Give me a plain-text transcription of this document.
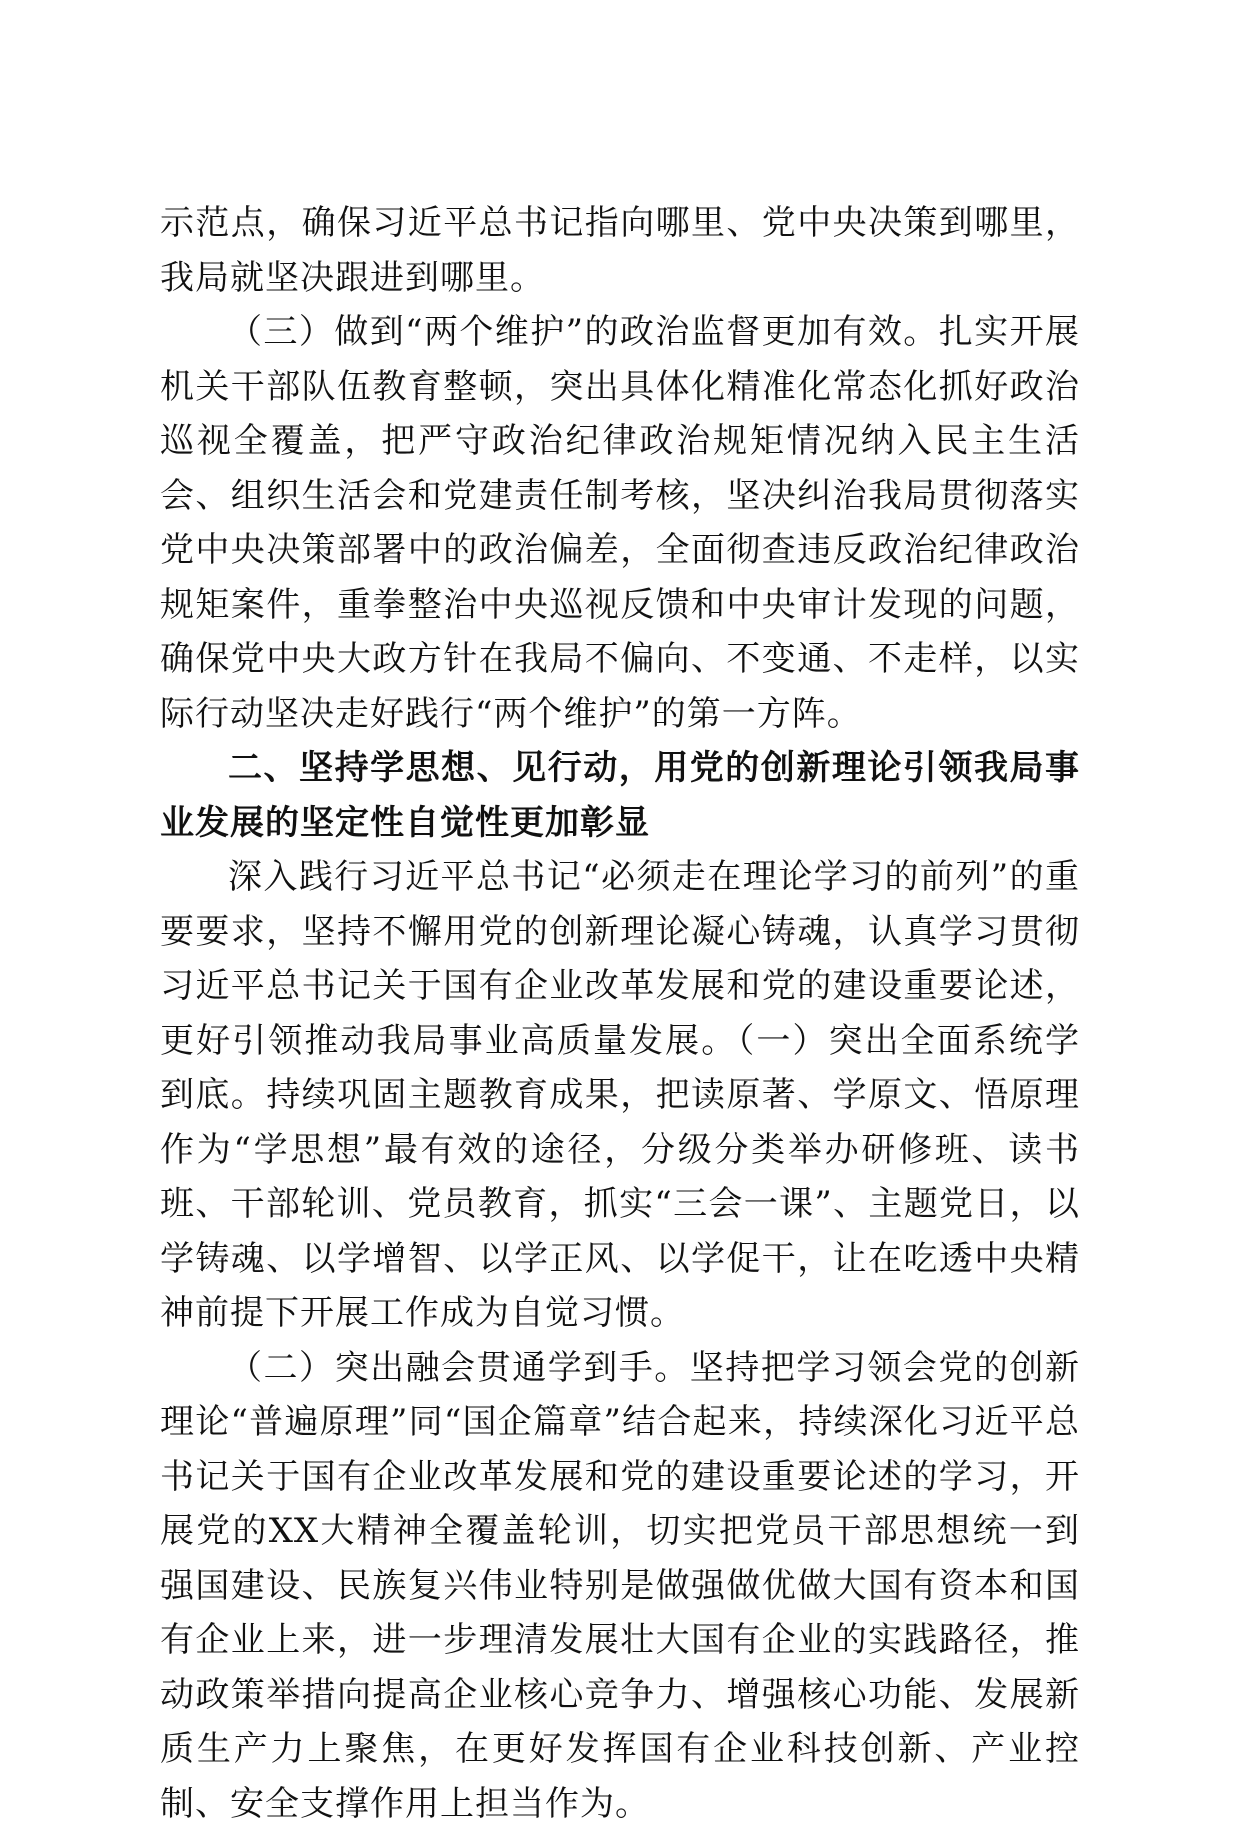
示范点，确保习近平总书记指向哪里、党中央决策到哪里，我局就坚决跟进到哪里。

（三）做到“两个维护”的政治监督更加有效。扎实开展机关干部队伍教育整顿，突出具体化精准化常态化抓好政治巡视全覆盖，把严守政治纪律政治规矩情况纳入民主生活会、组织生活会和党建责任制考核，坚决纠治我局贯彻落实党中央决策部署中的政治偏差，全面彻查违反政治纪律政治规矩案件，重拳整治中央巡视反馈和中央审计发现的问题，确保党中央大政方针在我局不偏向、不变通、不走样，以实际行动坚决走好践行“两个维护”的第一方阵。

二、坚持学思想、见行动，用党的创新理论引领我局事业发展的坚定性自觉性更加彰显

深入践行习近平总书记“必须走在理论学习的前列”的重要要求，坚持不懈用党的创新理论凝心铸魂，认真学习贯彻习近平总书记关于国有企业改革发展和党的建设重要论述，更好引领推动我局事业高质量发展。（一）突出全面系统学到底。持续巩固主题教育成果，把读原著、学原文、悟原理作为“学思想”最有效的途径，分级分类举办研修班、读书班、干部轮训、党员教育，抓实“三会一课”、主题党日，以学铸魂、以学增智、以学正风、以学促干，让在吃透中央精神前提下开展工作成为自觉习惯。

（二）突出融会贯通学到手。坚持把学习领会党的创新理论“普遍原理”同“国企篇章”结合起来，持续深化习近平总书记关于国有企业改革发展和党的建设重要论述的学习，开展党的XX大精神全覆盖轮训，切实把党员干部思想统一到强国建设、民族复兴伟业特别是做强做优做大国有资本和国有企业上来，进一步理清发展壮大国有企业的实践路径，推动政策举措向提高企业核心竞争力、增强核心功能、发展新质生产力上聚焦，在更好发挥国有企业科技创新、产业控制、安全支撑作用上担当作为。
